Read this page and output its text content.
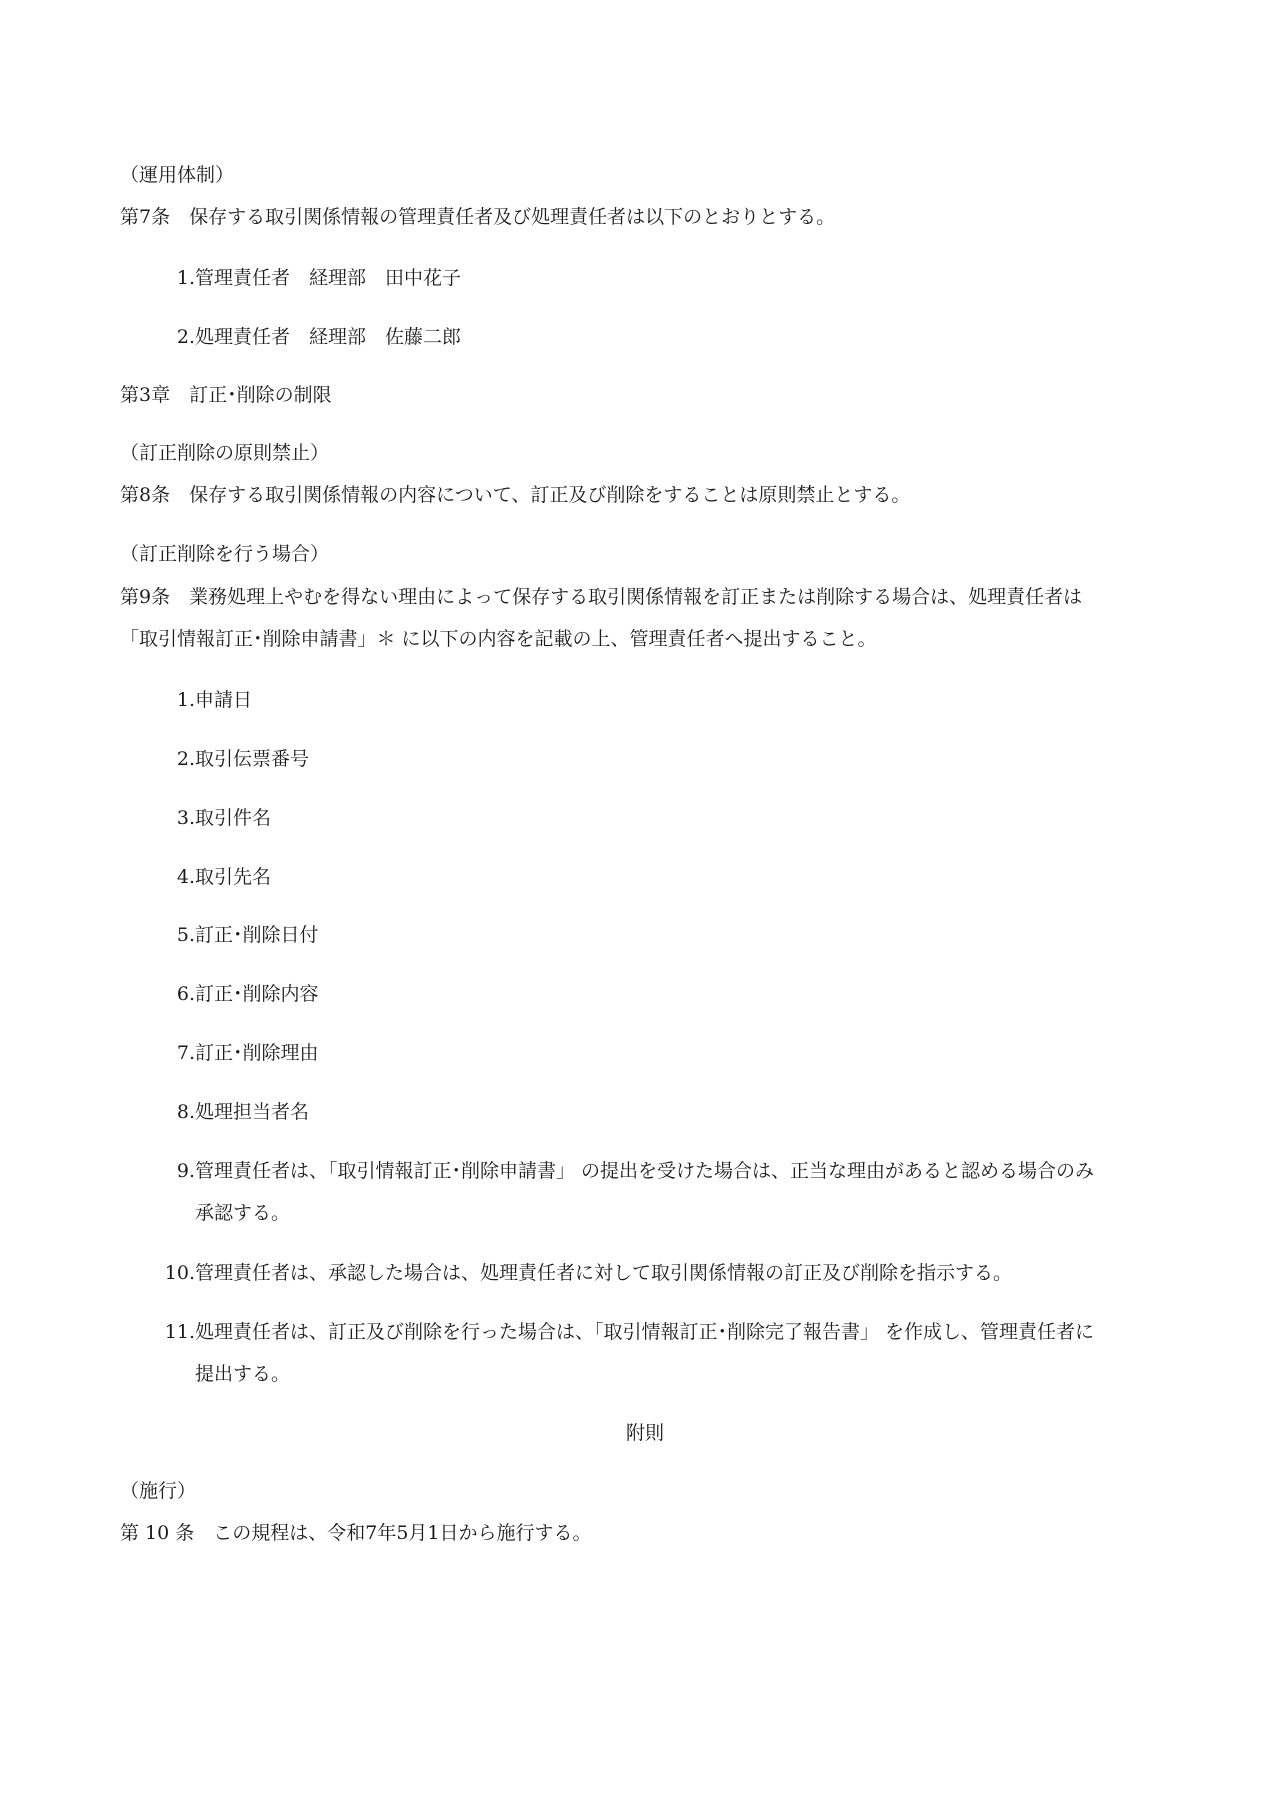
（運用体制）
第7条　保存する取引関係情報の管理責任者及び処理責任者は以下のとおりとする。
1. 管理責任者　経理部　田中花子
2. 処理責任者　経理部　佐藤二郎
第3章　訂正･削除の制限
（訂正削除の原則禁止）
第8条　保存する取引関係情報の内容について、訂正及び削除をすることは原則禁止とする。
（訂正削除を行う場合）
第9条　業務処理上やむを得ない理由によって保存する取引関係情報を訂正または削除する場合は、処理責任者は
「取引情報訂正･削除申請書」＊ に以下の内容を記載の上、管理責任者へ提出すること。
1. 申請日
2. 取引伝票番号
3. 取引件名
4. 取引先名
5. 訂正･削除日付
6. 訂正･削除内容
7. 訂正･削除理由
8. 処理担当者名
9. 管理責任者は、「取引情報訂正･削除申請書」 の提出を受けた場合は、正当な理由があると認める場合のみ
承認する。
10. 管理責任者は、承認した場合は、処理責任者に対して取引関係情報の訂正及び削除を指示する。
11. 処理責任者は、訂正及び削除を行った場合は、「取引情報訂正･削除完了報告書」 を作成し、管理責任者に
提出する。
附則
（施行）
第 10 条　この規程は、令和7年5月1日から施行する。
